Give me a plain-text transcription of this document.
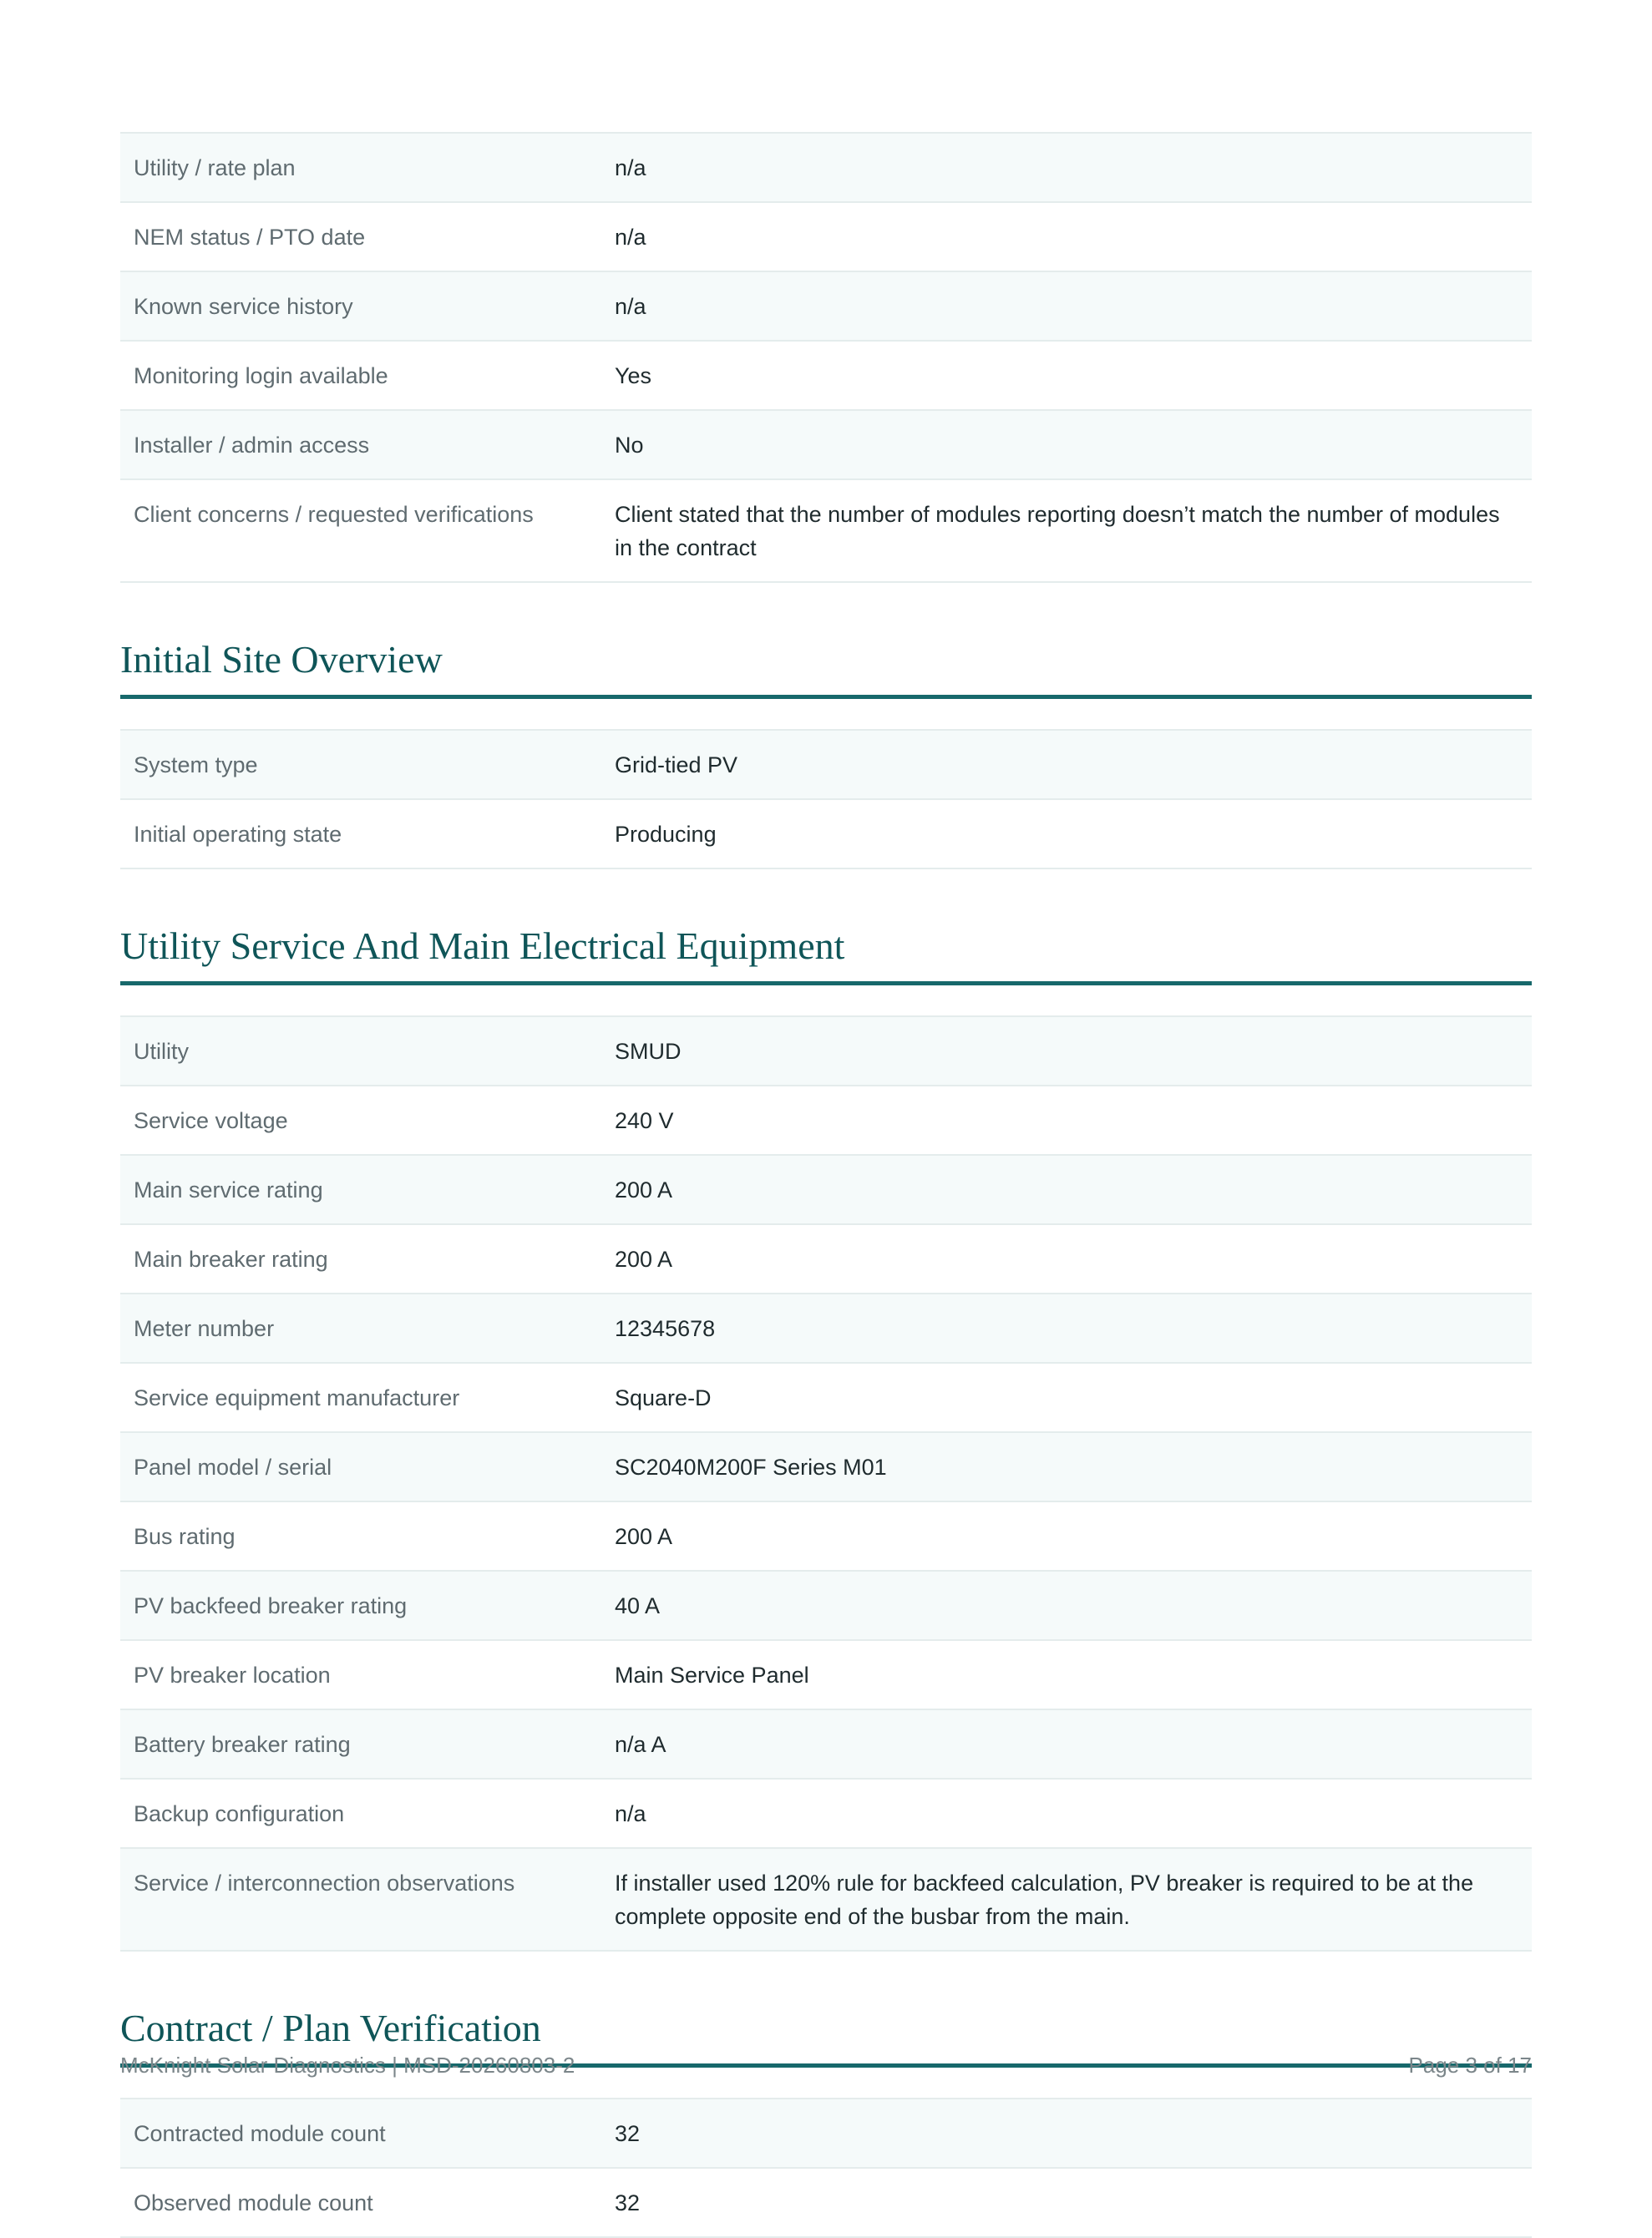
Utility / rate plan	n/a
NEM status / PTO date	n/a
Known service history	n/a
Monitoring login available	Yes
Installer / admin access	No
Client concerns / requested verifications	Client stated that the number of modules reporting doesn’t match the number of modules in the contract
Initial Site Overview
System type	Grid-tied PV
Initial operating state	Producing
Utility Service And Main Electrical Equipment
Utility	SMUD
Service voltage	240 V
Main service rating	200 A
Main breaker rating	200 A
Meter number	12345678
Service equipment manufacturer	Square-D
Panel model / serial	SC2040M200F Series M01
Bus rating	200 A
PV backfeed breaker rating	40 A
PV breaker location	Main Service Panel
Battery breaker rating	n/a A
Backup configuration	n/a
Service / interconnection observations	If installer used 120% rule for backfeed calculation, PV breaker is required to be at the complete opposite end of the busbar from the main.
Contract / Plan Verification
Contracted module count	32
Observed module count	32
McKnight Solar Diagnostics | MSD-20260803-2	Page 3 of 17
